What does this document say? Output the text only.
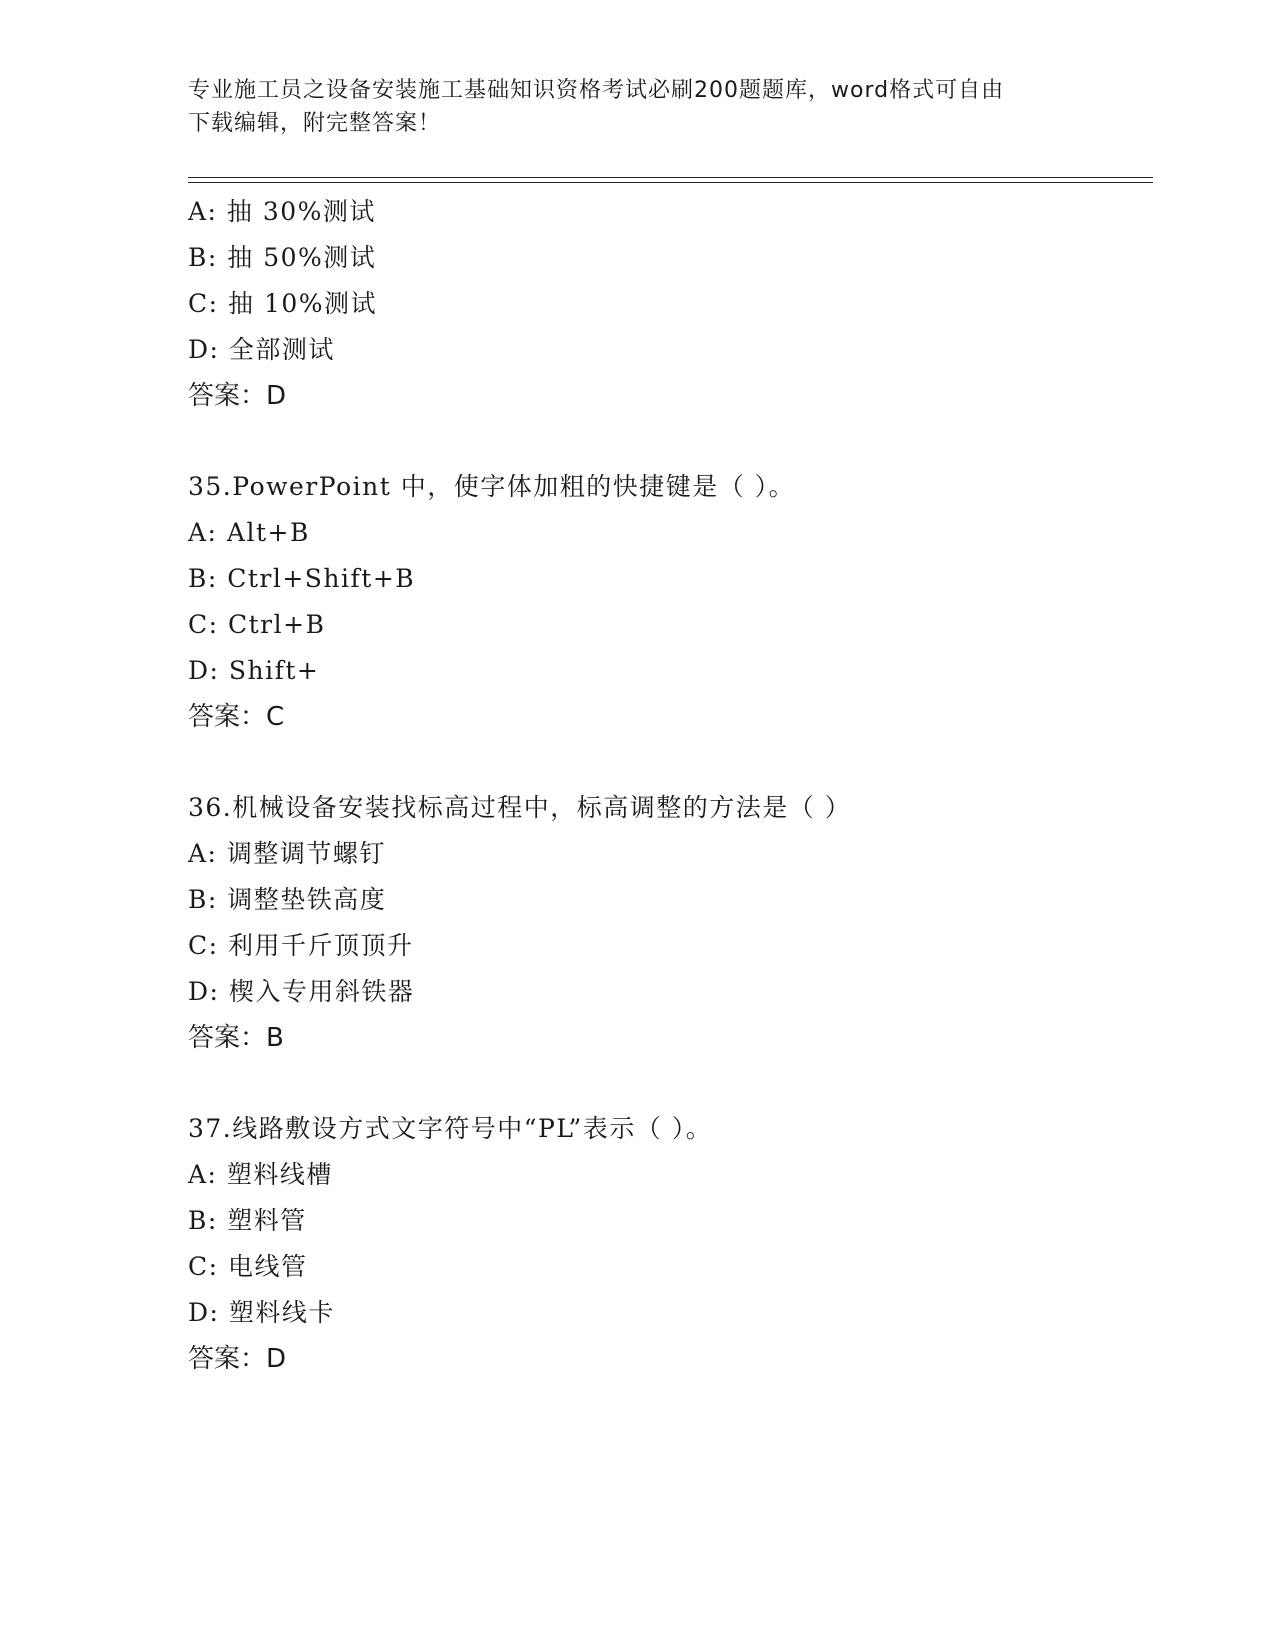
专业施工员之设备安装施工基础知识资格考试必刷200题题库，word格式可自由
下载编辑，附完整答案！
A: 抽 30%测试
B: 抽 50%测试
C: 抽 10%测试
D: 全部测试
答案：D
35.PowerPoint 中，使字体加粗的快捷键是（ ）。
A: Alt+B
B: Ctrl+Shift+B
C: Ctrl+B
D: Shift+
答案：C
36.机械设备安装找标高过程中，标高调整的方法是（ ）
A: 调整调节螺钉
B: 调整垫铁高度
C: 利用千斤顶顶升
D: 楔入专用斜铁器
答案：B
37.线路敷设方式文字符号中“PL”表示（ ）。
A: 塑料线槽
B: 塑料管
C: 电线管
D: 塑料线卡
答案：D
